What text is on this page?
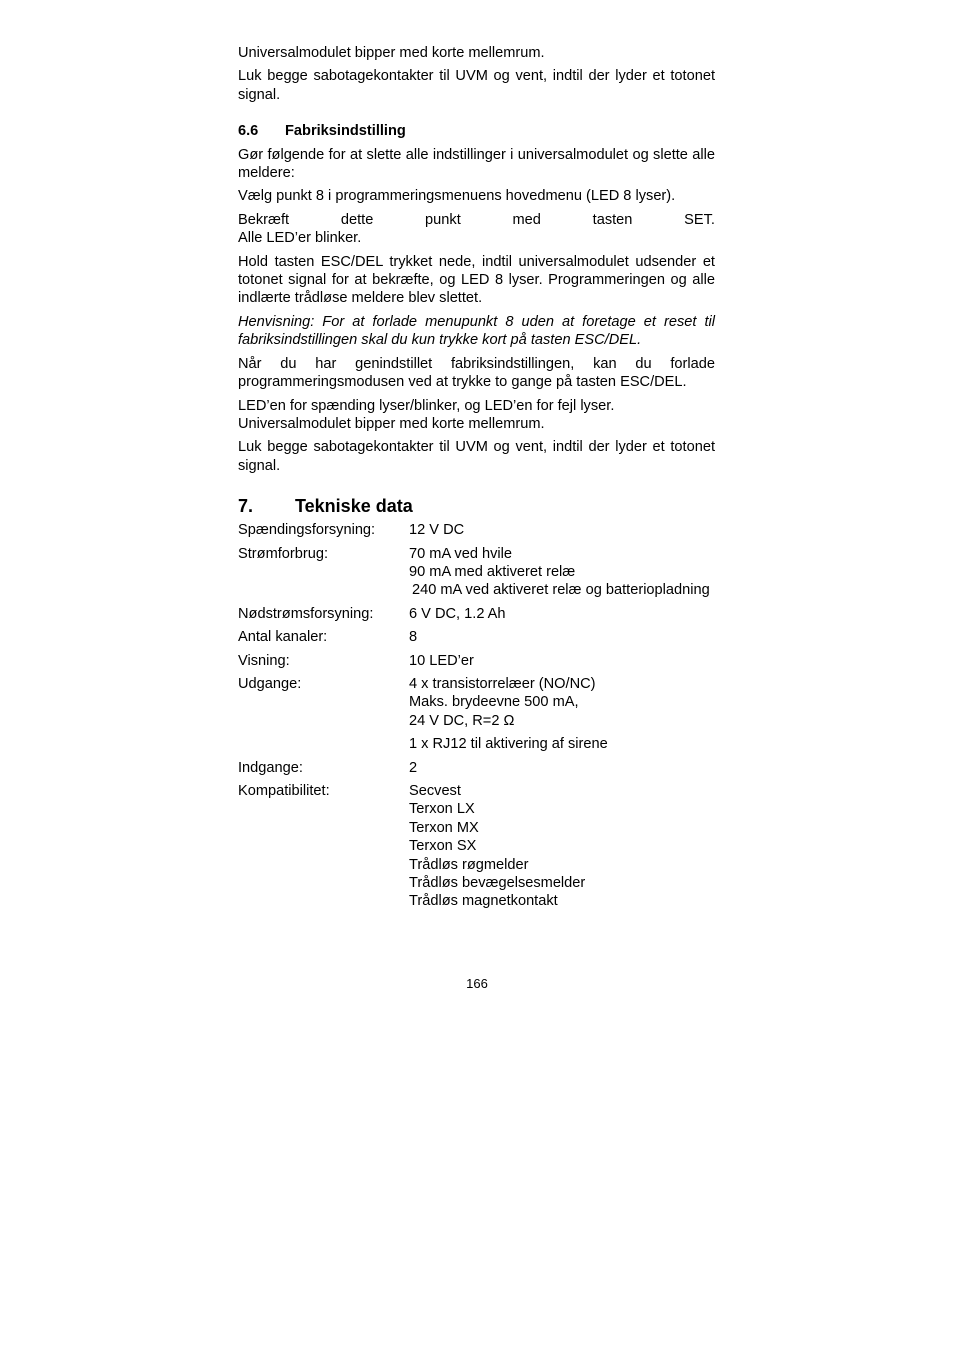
Universalmodulet bipper med korte mellemrum.

Luk begge sabotagekontakter til UVM og vent, indtil der lyder et totonet signal.

6.6	Fabriksindstilling

Gør følgende for at slette alle indstillinger i universalmodulet og slette alle meldere:

Vælg punkt 8 i programmeringsmenuens hovedmenu (LED 8 lyser).

Bekræft dette punkt med tasten SET.

Alle LED’er blinker.

Hold tasten ESC/DEL trykket nede, indtil universalmodulet udsender et totonet signal for at bekræfte, og LED 8 lyser. Programmeringen og alle indlærte trådløse meldere blev slettet.

Henvisning: For at forlade menupunkt 8 uden at foretage et reset til fabriksindstillingen skal du kun trykke kort på tasten ESC/DEL.

Når du har genindstillet fabriksindstillingen, kan du forlade programmeringsmodusen ved at trykke to gange på tasten ESC/DEL.

LED’en for spænding lyser/blinker, og LED’en for fejl lyser.

Universalmodulet bipper med korte mellemrum.

Luk begge sabotagekontakter til UVM og vent, indtil der lyder et totonet signal.

7.	Tekniske data
Spændingsforsyning:	12 V DC
Strømforbrug:	70 mA ved hvile
90 mA med aktiveret relæ
240 mA ved aktiveret relæ og batteriopladning
Nødstrømsforsyning:	6 V DC, 1.2 Ah
Antal kanaler:	8
Visning:	10 LED’er
Udgange:	4 x transistorrelæer (NO/NC)
Maks. brydeevne 500 mA,
24 V DC, R=2 Ω
1 x RJ12 til aktivering af sirene
Indgange:	2
Kompatibilitet:	Secvest
Terxon LX
Terxon MX
Terxon SX
Trådløs røgmelder
Trådløs bevægelsesmelder
Trådløs magnetkontakt
166
